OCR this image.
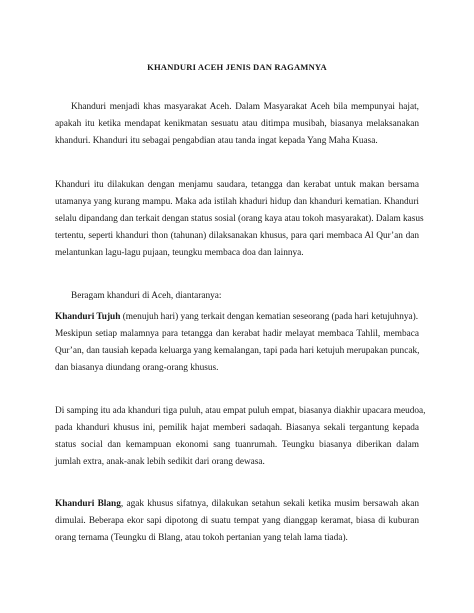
KHANDURI ACEH JENIS DAN RAGAMNYA
Khanduri menjadi khas masyarakat Aceh. Dalam Masyarakat Aceh bila mempunyai hajat,
apakah itu ketika mendapat kenikmatan sesuatu atau ditimpa musibah, biasanya melaksanakan
khanduri. Khanduri itu sebagai pengabdian atau tanda ingat kepada Yang Maha Kuasa.
Khanduri itu dilakukan dengan menjamu saudara, tetangga dan kerabat untuk makan bersama
utamanya yang kurang mampu. Maka ada istilah khaduri hidup dan khanduri kematian. Khanduri
selalu dipandang dan terkait dengan status sosial (orang kaya atau tokoh masyarakat). Dalam kasus
tertentu, seperti khanduri thon (tahunan) dilaksanakan khusus, para qari membaca Al Qur’an dan
melantunkan lagu-lagu pujaan, teungku membaca doa dan lainnya.
Beragam khanduri di Aceh, diantaranya:
Khanduri Tujuh (menujuh hari) yang terkait dengan kematian seseorang (pada hari ketujuhnya).
Meskipun setiap malamnya para tetangga dan kerabat hadir melayat membaca Tahlil, membaca
Qur’an, dan tausiah kepada keluarga yang kemalangan, tapi pada hari ketujuh merupakan puncak,
dan biasanya diundang orang-orang khusus.
Di samping itu ada khanduri tiga puluh, atau empat puluh empat, biasanya diakhir upacara meudoa,
pada khanduri khusus ini, pemilik hajat memberi sadaqah. Biasanya sekali tergantung kepada
status social dan kemampuan ekonomi sang tuanrumah. Teungku biasanya diberikan dalam
jumlah extra, anak-anak lebih sedikit dari orang dewasa.
Khanduri Blang, agak khusus sifatnya, dilakukan setahun sekali ketika musim bersawah akan
dimulai. Beberapa ekor sapi dipotong di suatu tempat yang dianggap keramat, biasa di kuburan
orang ternama (Teungku di Blang, atau tokoh pertanian yang telah lama tiada).
